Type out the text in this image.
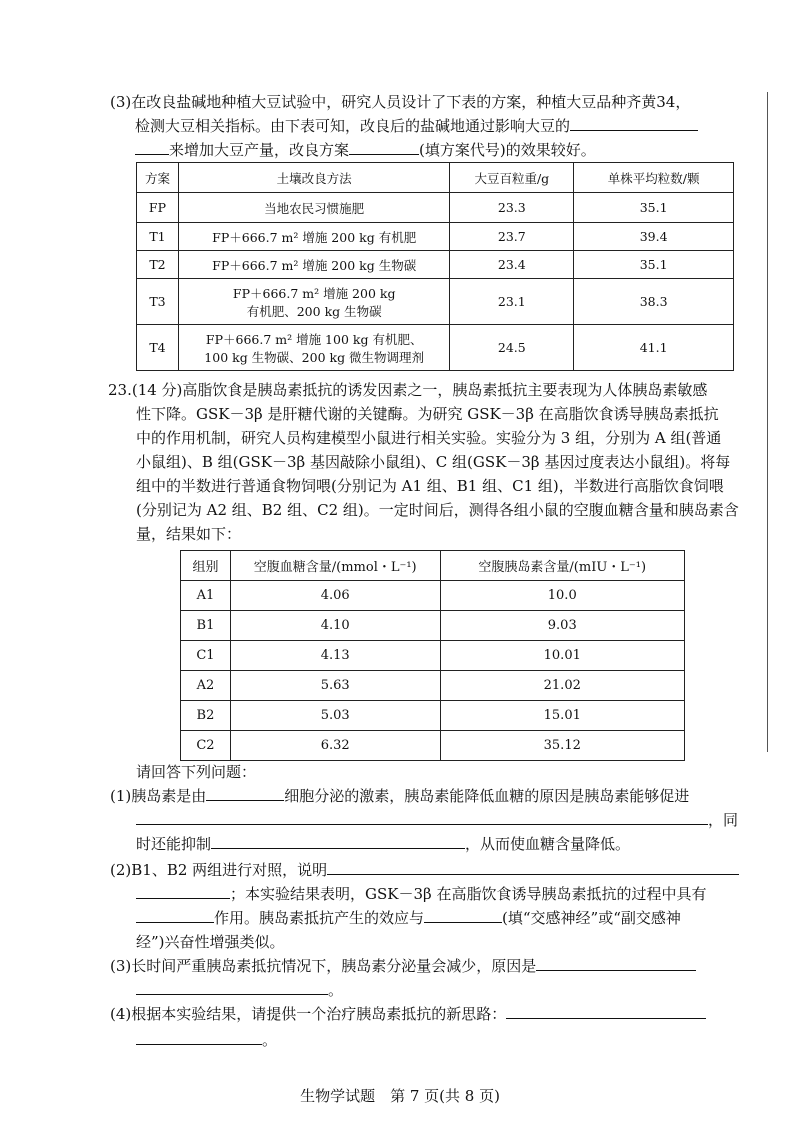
(3)在改良盐碱地种植大豆试验中，研究人员设计了下表的方案，种植大豆品种齐黄34，
检测大豆相关指标。由下表可知，改良后的盐碱地通过影响大豆的
来增加大豆产量，改良方案	(填方案代号)的效果较好。
方案	土壤改良方法	大豆百粒重/g	单株平均粒数/颗
FP	当地农民习惯施肥	23.3	35.1
T1	FP＋666.7 m² 增施 200 kg 有机肥	23.7	39.4
T2	FP＋666.7 m² 增施 200 kg 生物碳	23.4	35.1
T3	FP＋666.7 m² 增施 200 kg
有机肥、200 kg 生物碳	23.1	38.3
T4	FP＋666.7 m² 增施 100 kg 有机肥、
100 kg 生物碳、200 kg 微生物调理剂	24.5	41.1
23.(14 分)高脂饮食是胰岛素抵抗的诱发因素之一，胰岛素抵抗主要表现为人体胰岛素敏感
性下降。GSK－3β 是肝糖代谢的关键酶。为研究 GSK－3β 在高脂饮食诱导胰岛素抵抗
中的作用机制，研究人员构建模型小鼠进行相关实验。实验分为 3 组，分别为 A 组(普通
小鼠组)、B 组(GSK－3β 基因敲除小鼠组)、C 组(GSK－3β 基因过度表达小鼠组)。将每
组中的半数进行普通食物饲喂(分别记为 A1 组、B1 组、C1 组)，半数进行高脂饮食饲喂
(分别记为 A2 组、B2 组、C2 组)。一定时间后，测得各组小鼠的空腹血糖含量和胰岛素含
量，结果如下：
组别	空腹血糖含量/(mmol・L⁻¹)	空腹胰岛素含量/(mIU・L⁻¹)
A1	4.06	10.0
B1	4.10	9.03
C1	4.13	10.01
A2	5.63	21.02
B2	5.03	15.01
C2	6.32	35.12
请回答下列问题：
(1)胰岛素是由	细胞分泌的激素，胰岛素能降低血糖的原因是胰岛素能够促进
，同
时还能抑制	，从而使血糖含量降低。
(2)B1、B2 两组进行对照，说明
；本实验结果表明，GSK－3β 在高脂饮食诱导胰岛素抵抗的过程中具有
作用。胰岛素抵抗产生的效应与	(填“交感神经”或“副交感神
经”)兴奋性增强类似。
(3)长时间严重胰岛素抵抗情况下，胰岛素分泌量会减少，原因是
。
(4)根据本实验结果，请提供一个治疗胰岛素抵抗的新思路：
。
生物学试题　第 7 页(共 8 页)
